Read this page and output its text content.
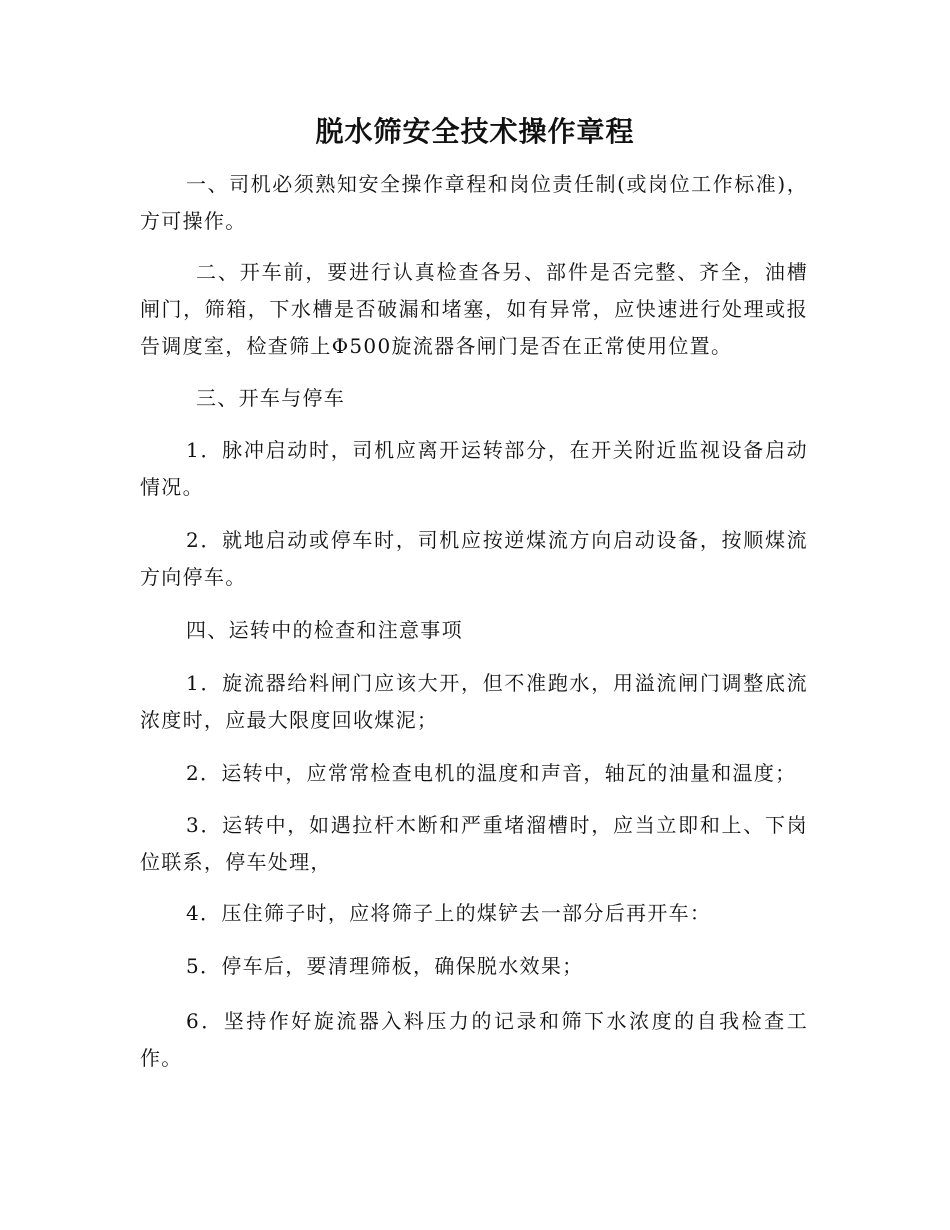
脱水筛安全技术操作章程
一、司机必须熟知安全操作章程和岗位责任制(或岗位工作标准)，方可操作。
二、开车前，要进行认真检查各另、部件是否完整、齐全，油槽闸门，筛箱，下水槽是否破漏和堵塞，如有异常，应快速进行处理或报告调度室，检查筛上Φ500旋流器各闸门是否在正常使用位置。
三、开车与停车
1．脉冲启动时，司机应离开运转部分，在开关附近监视设备启动情况。
2．就地启动或停车时，司机应按逆煤流方向启动设备，按顺煤流方向停车。
四、运转中的检查和注意事项
1．旋流器给料闸门应该大开，但不准跑水，用溢流闸门调整底流浓度时，应最大限度回收煤泥；
2．运转中，应常常检查电机的温度和声音，轴瓦的油量和温度；
3．运转中，如遇拉杆木断和严重堵溜槽时，应当立即和上、下岗位联系，停车处理，
4．压住筛子时，应将筛子上的煤铲去一部分后再开车：
5．停车后，要清理筛板，确保脱水效果；
6．坚持作好旋流器入料压力的记录和筛下水浓度的自我检查工作。
